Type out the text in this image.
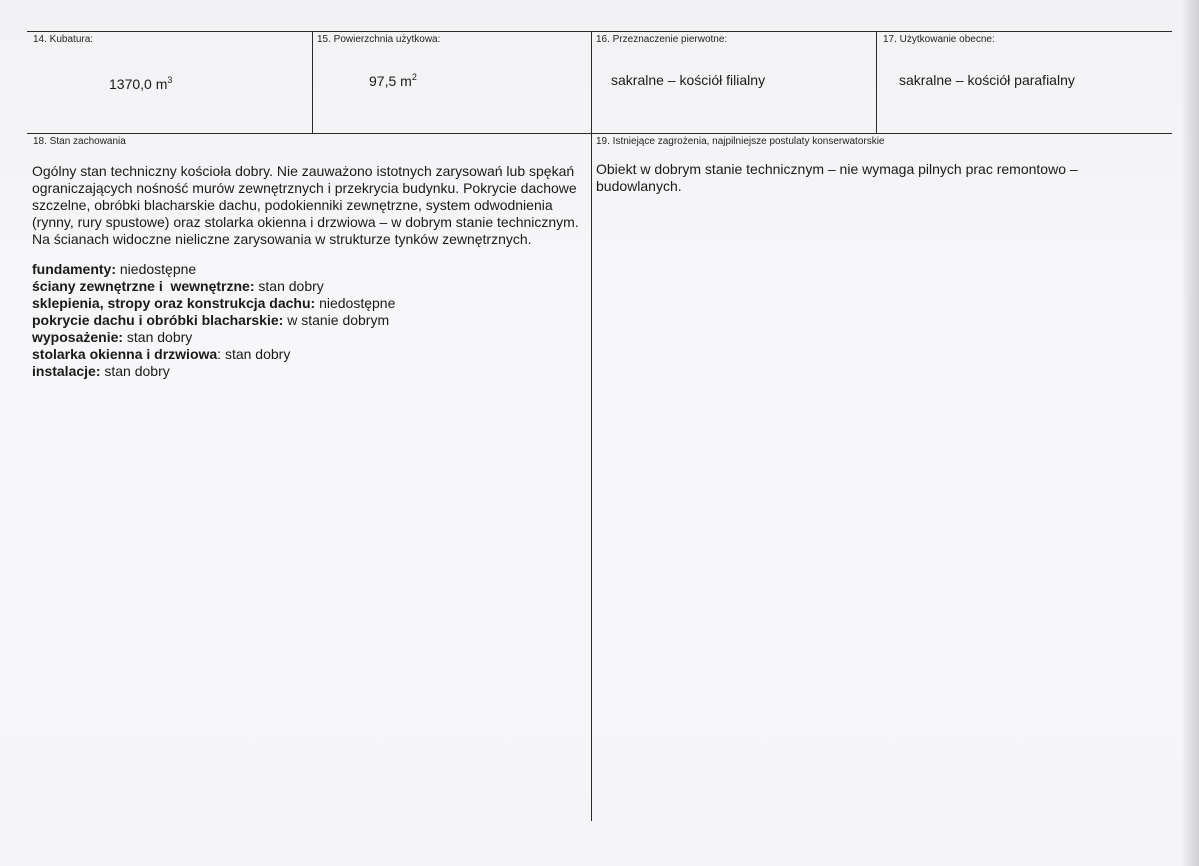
14. Kubatura:
1370,0 $m^3$
15. Powierzchnia użytkowa:
97,5 $m^2$
16. Przeznaczenie pierwotne:
sakralne – kościół filialny
17. Użytkowanie obecne:
sakralne – kościół parafialny
18. Stan zachowania

Ogólny stan techniczny kościoła dobry. Nie zauważono istotnych zarysowań lub spękań

ograniczających nośność murów zewnętrznych i przekrycia budynku. Pokrycie dachowe

szczelne, obróbki blacharskie dachu, podokienniki zewnętrzne, system odwodnienia

(rynny, rury spustowe) oraz stolarka okienna i drzwiowa – w dobrym stanie technicznym.

Na ścianach widoczne nieliczne zarysowania w strukturze tynków zewnętrznych.

fundamenty: niedostępne
ściany zewnętrzne i  wewnętrzne: stan dobry
sklepienia, stropy oraz konstrukcja dachu: niedostępne
pokrycie dachu i obróbki blacharskie: w stanie dobrym
wyposażenie: stan dobry
stolarka okienna i drzwiowa: stan dobry
instalacje: stan dobry
19. Istniejące zagrożenia, najpilniejsze postulaty konserwatorskie

Obiekt w dobrym stanie technicznym – nie wymaga pilnych prac remontowo –

budowlanych.
